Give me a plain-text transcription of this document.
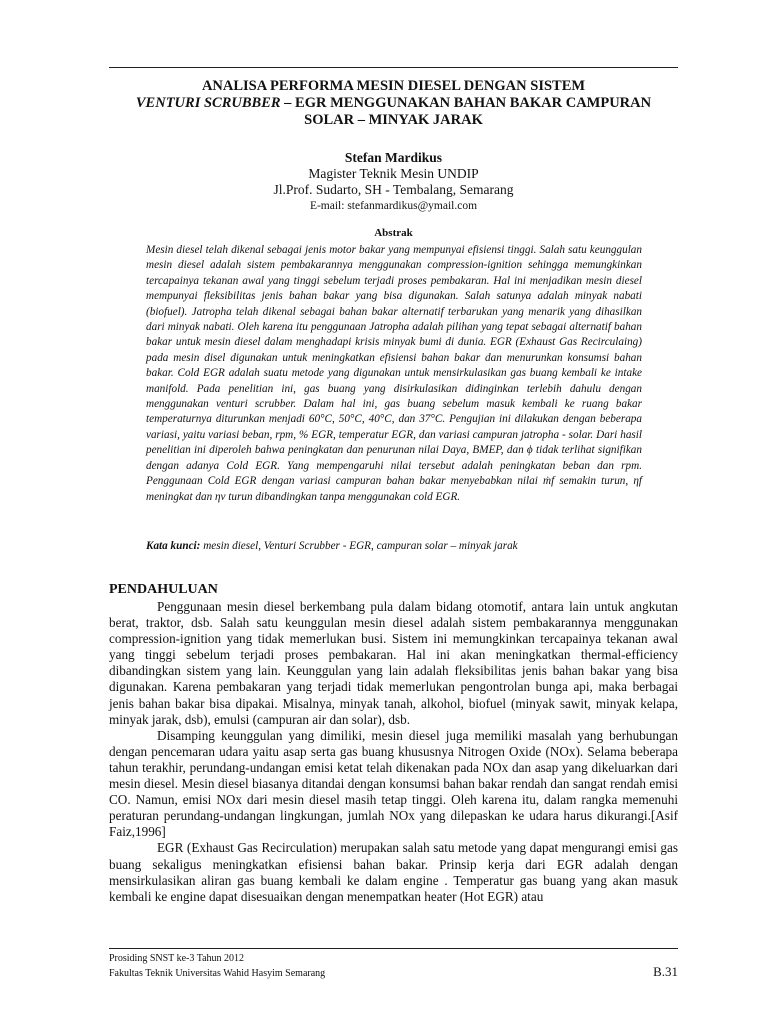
ANALISA PERFORMA MESIN DIESEL DENGAN SISTEM
VENTURI SCRUBBER – EGR MENGGUNAKAN BAHAN BAKAR CAMPURAN
SOLAR – MINYAK JARAK
Stefan Mardikus
Magister Teknik Mesin UNDIP
Jl.Prof. Sudarto, SH - Tembalang, Semarang
E-mail: stefanmardikus@ymail.com
Abstrak

Mesin diesel telah dikenal sebagai jenis motor bakar yang mempunyai efisiensi tinggi. Salah satu keunggulan mesin diesel adalah sistem pembakarannya menggunakan compression-ignition sehingga memungkinkan tercapainya tekanan awal yang tinggi sebelum terjadi proses pembakaran. Hal ini menjadikan mesin diesel mempunyai fleksibilitas jenis bahan bakar yang bisa digunakan. Salah satunya adalah minyak nabati (biofuel). Jatropha telah dikenal sebagai bahan bakar alternatif terbarukan yang menarik yang dihasilkan dari minyak nabati. Oleh karena itu penggunaan Jatropha adalah pilihan yang tepat sebagai alternatif bahan bakar untuk mesin diesel dalam menghadapi krisis minyak bumi di dunia. EGR (Exhaust Gas Recirculaing) pada mesin disel digunakan untuk meningkatkan efisiensi bahan bakar dan menurunkan konsumsi bahan bakar. Cold EGR adalah suatu metode yang digunakan untuk mensirkulasikan gas buang kembali ke intake manifold. Pada penelitian ini, gas buang yang disirkulasikan didinginkan terlebih dahulu dengan menggunakan venturi scrubber. Dalam hal ini, gas buang sebelum masuk kembali ke ruang bakar temperaturnya diturunkan menjadi 60°C, 50°C, 40°C, dan 37°C. Pengujian ini dilakukan dengan beberapa variasi, yaitu variasi beban, rpm, % EGR, temperatur EGR, dan variasi campuran jatropha - solar. Dari hasil penelitian ini diperoleh bahwa peningkatan dan penurunan nilai Daya, BMEP, dan ϕ tidak terlihat signifikan dengan adanya Cold EGR. Yang mempengaruhi nilai tersebut adalah peningkatan beban dan rpm. Penggunaan Cold EGR dengan variasi campuran bahan bakar menyebabkan nilai ṁf semakin turun, ηf meningkat dan ηv turun dibandingkan tanpa menggunakan cold EGR.

Kata kunci: mesin diesel, Venturi Scrubber - EGR, campuran solar – minyak jarak
PENDAHULUAN

Penggunaan mesin diesel berkembang pula dalam bidang otomotif, antara lain untuk angkutan berat, traktor, dsb. Salah satu keunggulan mesin diesel adalah sistem pembakarannya menggunakan compression-ignition yang tidak memerlukan busi. Sistem ini memungkinkan tercapainya tekanan awal yang tinggi sebelum terjadi proses pembakaran. Hal ini akan meningkatkan thermal-efficiency dibandingkan sistem yang lain. Keunggulan yang lain adalah fleksibilitas jenis bahan bakar yang bisa digunakan. Karena pembakaran yang terjadi tidak memerlukan pengontrolan bunga api, maka berbagai jenis bahan bakar bisa dipakai. Misalnya, minyak tanah, alkohol, biofuel (minyak sawit, minyak kelapa, minyak jarak, dsb), emulsi (campuran air dan solar), dsb.

Disamping keunggulan yang dimiliki, mesin diesel juga memiliki masalah yang berhubungan dengan pencemaran udara yaitu asap serta gas buang khususnya Nitrogen Oxide (NOx). Selama beberapa tahun terakhir, perundang-undangan emisi ketat telah dikenakan pada NOx dan asap yang dikeluarkan dari mesin diesel. Mesin diesel biasanya ditandai dengan konsumsi bahan bakar rendah dan sangat rendah emisi CO. Namun, emisi NOx dari mesin diesel masih tetap tinggi. Oleh karena itu, dalam rangka memenuhi peraturan perundang-undangan lingkungan, jumlah NOx yang dilepaskan ke udara harus dikurangi.[Asif Faiz,1996]

EGR (Exhaust Gas Recirculation) merupakan salah satu metode yang dapat mengurangi emisi gas buang sekaligus meningkatkan efisiensi bahan bakar. Prinsip kerja dari EGR adalah dengan mensirkulasikan aliran gas buang kembali ke dalam engine . Temperatur gas buang yang akan masuk kembali ke engine dapat disesuaikan dengan menempatkan heater (Hot EGR) atau

Prosiding SNST ke-3 Tahun 2012
Fakultas Teknik Universitas Wahid Hasyim Semarang	B.31
